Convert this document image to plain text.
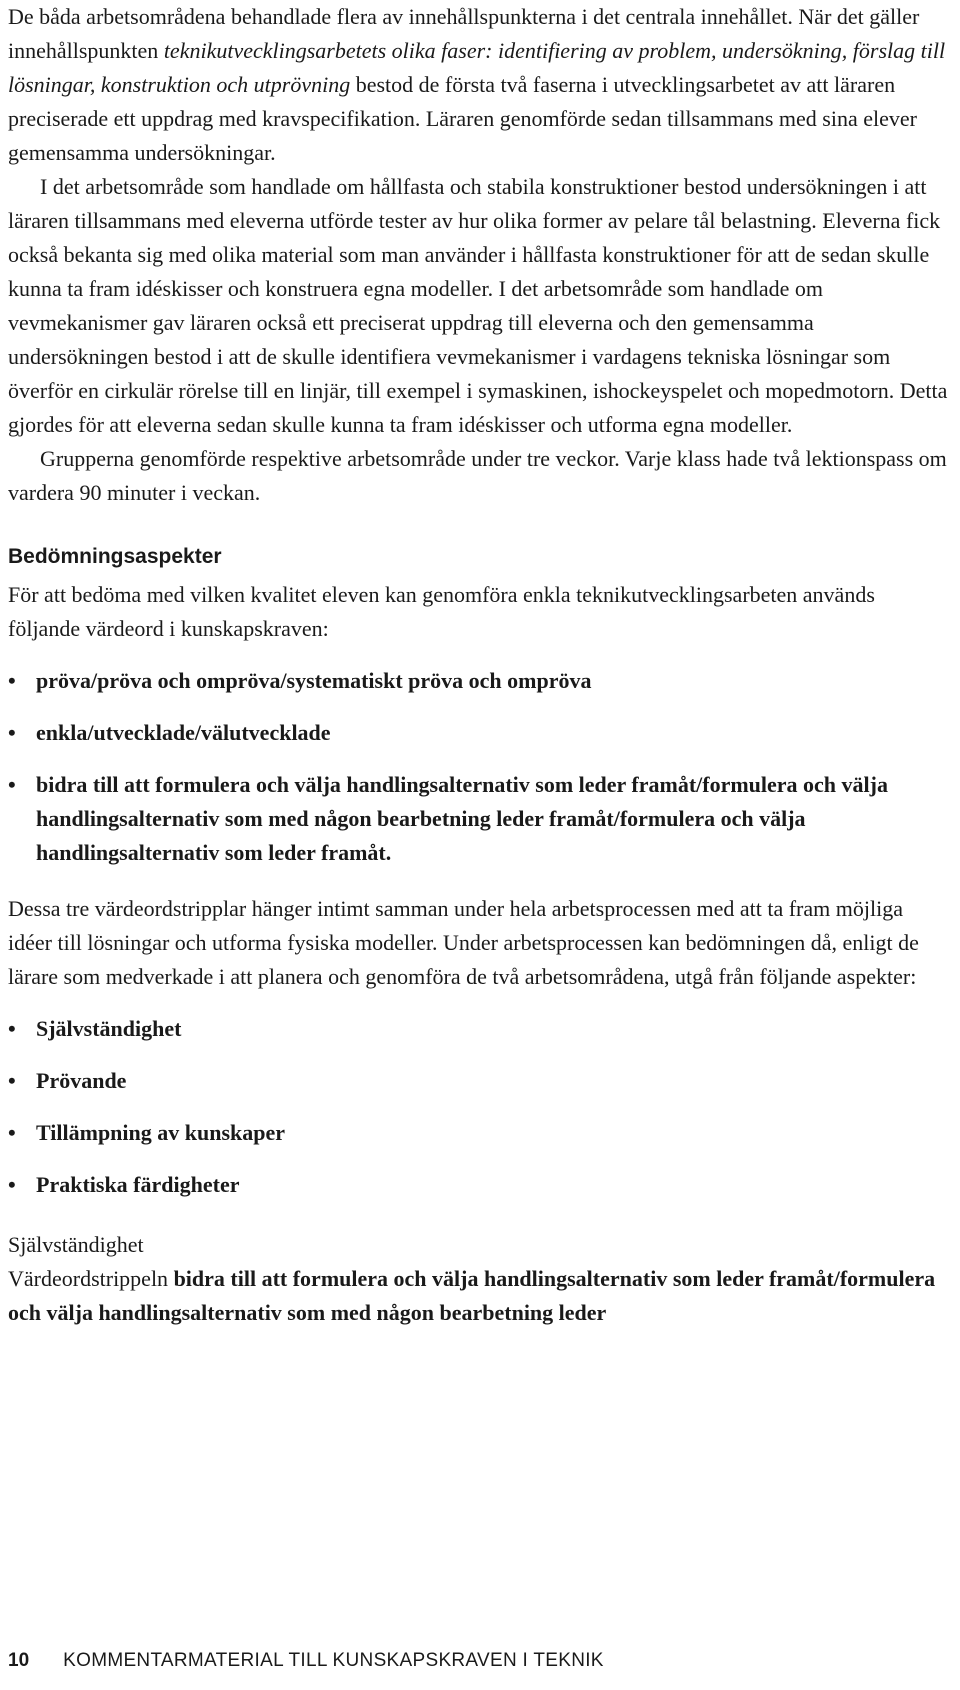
De båda arbetsområdena behandlade flera av innehållspunkterna i det centrala innehållet. När det gäller innehållspunkten teknikutvecklingsarbetets olika faser: identifiering av problem, undersökning, förslag till lösningar, konstruktion och utprövning bestod de första två faserna i utvecklingsarbetet av att läraren preciserade ett uppdrag med kravspecifikation. Läraren genomförde sedan tillsammans med sina elever gemensamma undersökningar.

I det arbetsområde som handlade om hållfasta och stabila konstruktioner bestod undersökningen i att läraren tillsammans med eleverna utförde tester av hur olika former av pelare tål belastning. Eleverna fick också bekanta sig med olika material som man använder i hållfasta konstruktioner för att de sedan skulle kunna ta fram idéskisser och konstruera egna modeller. I det arbetsområde som handlade om vevmekanismer gav läraren också ett preciserat uppdrag till eleverna och den gemensamma undersökningen bestod i att de skulle identifiera vevmekanismer i vardagens tekniska lösningar som överför en cirkulär rörelse till en linjär, till exempel i symaskinen, ishockeyspelet och mopedmotorn. Detta gjordes för att eleverna sedan skulle kunna ta fram idéskisser och utforma egna modeller.

Grupperna genomförde respektive arbetsområde under tre veckor. Varje klass hade två lektionspass om vardera 90 minuter i veckan.

Bedömningsaspekter

För att bedöma med vilken kvalitet eleven kan genomföra enkla teknikutvecklingsarbeten används följande värdeord i kunskapskraven:

• pröva/pröva och ompröva/systematiskt pröva och ompröva
• enkla/utvecklade/välutvecklade
• bidra till att formulera och välja handlingsalternativ som leder framåt/formulera och välja handlingsalternativ som med någon bearbetning leder framåt/formulera och välja handlingsalternativ som leder framåt.

Dessa tre värdeordstripplar hänger intimt samman under hela arbetsprocessen med att ta fram möjliga idéer till lösningar och utforma fysiska modeller. Under arbetsprocessen kan bedömningen då, enligt de lärare som medverkade i att planera och genomföra de två arbetsområdena, utgå från följande aspekter:

• Självständighet
• Prövande
• Tillämpning av kunskaper
• Praktiska färdigheter
Självständighet

Värdeordstrippeln bidra till att formulera och välja handlingsalternativ som leder framåt/formulera och välja handlingsalternativ som med någon bearbetning leder

10 KOMMENTARMATERIAL TILL KUNSKAPSKRAVEN I TEKNIK
